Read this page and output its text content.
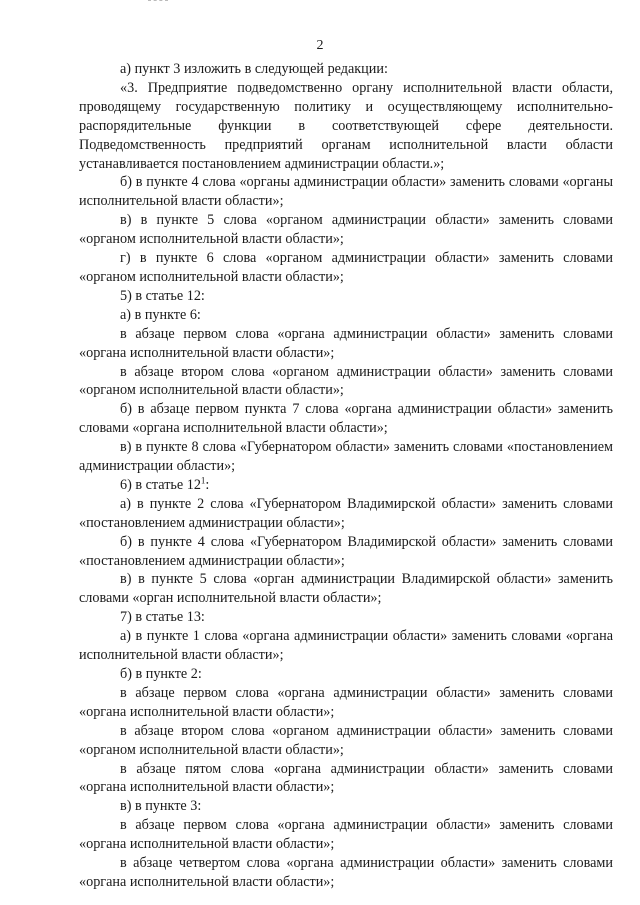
2

а) пункт 3 изложить в следующей редакции:

«3. Предприятие подведомственно органу исполнительной власти области, проводящему государственную политику и осуществляющему исполнительно-распорядительные функции в соответствующей сфере деятельности. Подведомственность предприятий органам исполнительной власти области устанавливается постановлением администрации области.»;

б) в пункте 4 слова «органы администрации области» заменить словами «органы исполнительной власти области»;

в) в пункте 5 слова «органом администрации области» заменить словами «органом исполнительной власти области»;

г) в пункте 6 слова «органом администрации области» заменить словами «органом исполнительной власти области»;

5) в статье 12:

а) в пункте 6:

в абзаце первом слова «органа администрации области» заменить словами «органа исполнительной власти области»;

в абзаце втором слова «органом администрации области» заменить словами «органом исполнительной власти области»;

б) в абзаце первом пункта 7 слова «органа администрации области» заменить словами «органа исполнительной власти области»;

в) в пункте 8 слова «Губернатором области» заменить словами «постановлением администрации области»;

6) в статье $12^1$:

а) в пункте 2 слова «Губернатором Владимирской области» заменить словами «постановлением администрации области»;

б) в пункте 4 слова «Губернатором Владимирской области» заменить словами «постановлением администрации области»;

в) в пункте 5 слова «орган администрации Владимирской области» заменить словами «орган исполнительной власти области»;

7) в статье 13:

а) в пункте 1 слова «органа администрации области» заменить словами «органа исполнительной власти области»;

б) в пункте 2:

в абзаце первом слова «органа администрации области» заменить словами «органа исполнительной власти области»;

в абзаце втором слова «органом администрации области» заменить словами «органом исполнительной власти области»;

в абзаце пятом слова «органа администрации области» заменить словами «органа исполнительной власти области»;

в) в пункте 3:

в абзаце первом слова «органа администрации области» заменить словами «органа исполнительной власти области»;

в абзаце четвертом слова «органа администрации области» заменить словами «органа исполнительной власти области»;
